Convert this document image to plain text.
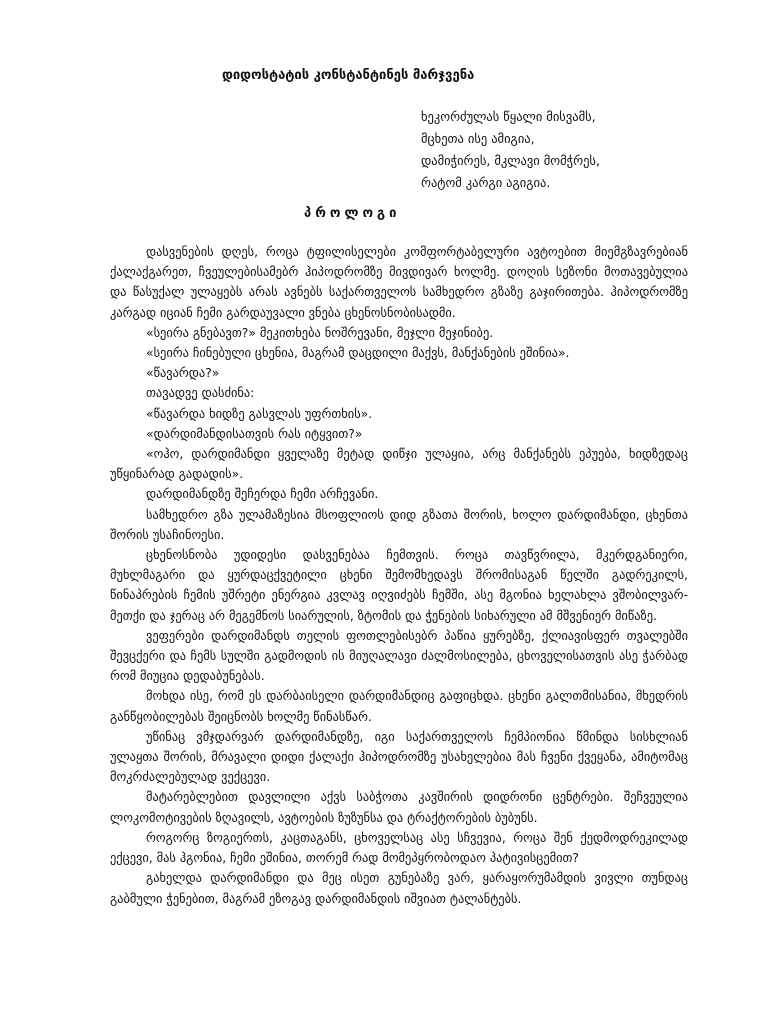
დიდოსტატის კონსტანტინეს მარჯვენა
ხეკორძულას წყალი მისვამს,
მცხეთა ისე ამიგია,
დამიჭირეს, მკლავი მომჭრეს,
რატომ კარგი აგიგია.
პროლოგი

დასვენების დღეს, როცა ტფილისელები კომფორტაბელური ავტოებით მიემგზავრებიან ქალაქგარეთ, ჩვეულებისამებრ ჰიპოდრომზე მივდივარ ხოლმე. დოღის სეზონი მოთავებულია და წასუქალ ულაყებს არას ავნებს საქართველოს სამხედრო გზაზე გაჯირითება. ჰიპოდრომზე კარგად იციან ჩემი გარდაუვალი ვნება ცხენოსნობისადმი.

«სეირა გნებავთ?» მეკითხება ნოშრევანი, მეჯლი მეჯინიბე.

«სეირა ჩინებული ცხენია, მაგრამ დაცდილი მაქვს, მანქანების ეშინია».

«წავარდა?»

თავადვე დასძინა:

«წავარდა ხიდზე გასვლას უფრთხის».

«დარდიმანდისათვის რას იტყვით?»

«ოჰო, დარდიმანდი ყველაზე მეტად დიწჯი ულაყია, არც მანქანებს ეპუება, ხიდზედაც უწყინარად გადადის».

დარდიმანდზე შეჩერდა ჩემი არჩევანი.

სამხედრო გზა ულამაზესია მსოფლიოს დიდ გზათა შორის, ხოლო დარდიმანდი, ცხენთა შორის უსაჩინოესი.

ცხენოსნობა უდიდესი დასვენებაა ჩემთვის. როცა თავწვრილა, მკერდგანიერი, მუხლმაგარი და ყურდაცქვეტილი ცხენი შემომხედავს შრომისაგან წელში გადრეკილს, წინაპრების ჩემის უშრეტი ენერგია კვლავ იღვიძებს ჩემში, ასე მგონია ხელახლა ვშობილვარ-მეთქი და ჯერაც არ მეგემნოს სიარულის, ზტომის და ჭენების სიხარული ამ მშვენიერ მიწაზე.

ვეფერები დარდიმანდს თელის ფოთლებისებრ პაწია ყურებზე, ქლიავისფერ თვალებში შევცქერი და ჩემს სულში გადმოდის ის მიუღალავი ძალმოსილება, ცხოველისათვის ასე ჭარბად რომ მიუცია დედაბუნებას.

მოხდა ისე, რომ ეს დარბაისელი დარდიმანდიც გაფიცხდა. ცხენი გალთმისანია, მხედრის განწყობილებას შეიცნობს ხოლმე წინასწარ.

უწინაც ვმჯდარვარ დარდიმანდზე, იგი საქართველოს ჩემპიონია წმინდა სისხლიან ულაყთა შორის, მრავალი დიდი ქალაქი ჰიპოდრომზე უსახელებია მას ჩვენი ქვეყანა, ამიტომაც მოკრძალებულად ვექცევი.

მატარებლებით დავლილი აქვს საბჭოთა კავშირის დიდრონი ცენტრები. შეჩვეულია ლოკომოტივების ზღავილს, ავტოების ზუზუნსა და ტრაქტორების ბუბუნს.

როგორც ზოგიერთს, კაცთაგანს, ცხოველსაც ასე სჩვევია, როცა შენ ქედმოდრეკილად ექცევი, მას ჰგონია, ჩემი ეშინია, თორემ რად მომეპყრობოდაო პატივისცემით?

გახელდა დარდიმანდი და მეც ისეთ გუნებაზე ვარ, ყარაყორუმამდის ვივლი თუნდაც გაბმული ჭენებით, მაგრამ ეზოგავ დარდიმანდის იშვიათ ტალანტებს.
